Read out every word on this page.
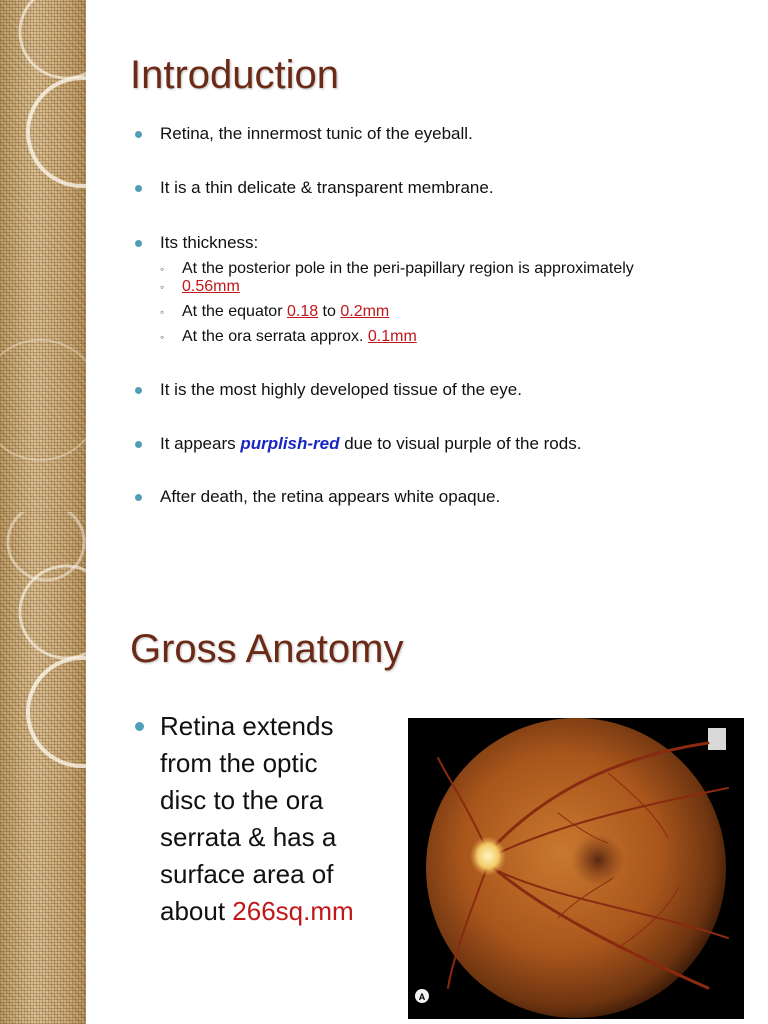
Introduction
Retina, the innermost tunic of the eyeball.
It is a thin delicate & transparent membrane.
Its thickness:
◦ At the posterior pole in the peri-papillary region is approximately
◦ 0.56mm
◦ At the equator 0.18 to 0.2mm
◦ At the ora serrata approx. 0.1mm
It is the most highly developed tissue of the eye.
It appears purplish-red due to visual purple of the rods.
After death, the retina appears white opaque.
Gross Anatomy
Retina extends
from the optic
disc to the ora
serrata & has a
surface area of
about 266sq.mm
A
